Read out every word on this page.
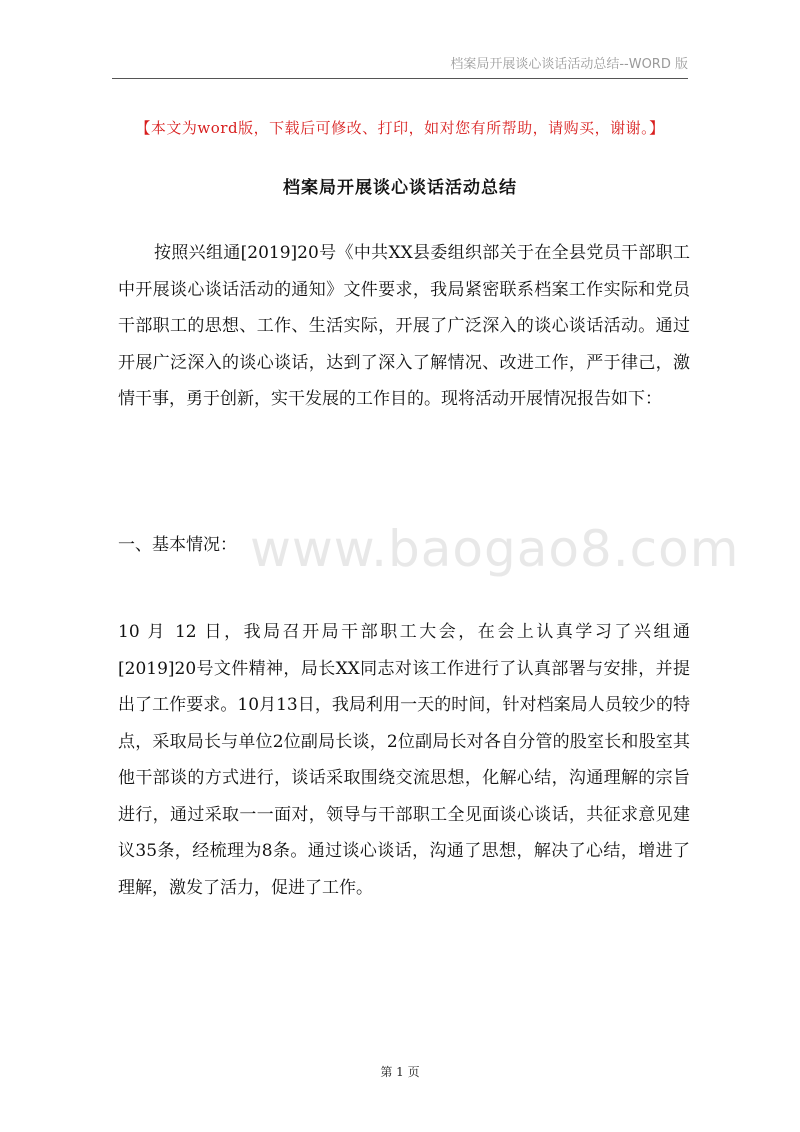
档案局开展谈心谈话活动总结--WORD 版
【本文为word版，下载后可修改、打印，如对您有所帮助，请购买，谢谢。】
档案局开展谈心谈话活动总结

按照兴组通[2019]20号《中共XX县委组织部关于在全县党员干部职工中开展谈心谈话活动的通知》文件要求，我局紧密联系档案工作实际和党员干部职工的思想、工作、生活实际，开展了广泛深入的谈心谈话活动。通过开展广泛深入的谈心谈话，达到了深入了解情况、改进工作，严于律己，激情干事，勇于创新，实干发展的工作目的。现将活动开展情况报告如下：

一、基本情况： www.baogao8.com

10 月 12 日，我局召开局干部职工大会，在会上认真学习了兴组通[2019]20号文件精神，局长XX同志对该工作进行了认真部署与安排，并提出了工作要求。10月13日，我局利用一天的时间，针对档案局人员较少的特点，采取局长与单位2位副局长谈，2位副局长对各自分管的股室长和股室其他干部谈的方式进行，谈话采取围绕交流思想，化解心结，沟通理解的宗旨进行，通过采取一一面对，领导与干部职工全见面谈心谈话，共征求意见建议35条，经梳理为8条。通过谈心谈话，沟通了思想，解决了心结，增进了理解，激发了活力，促进了工作。

第 1 页
